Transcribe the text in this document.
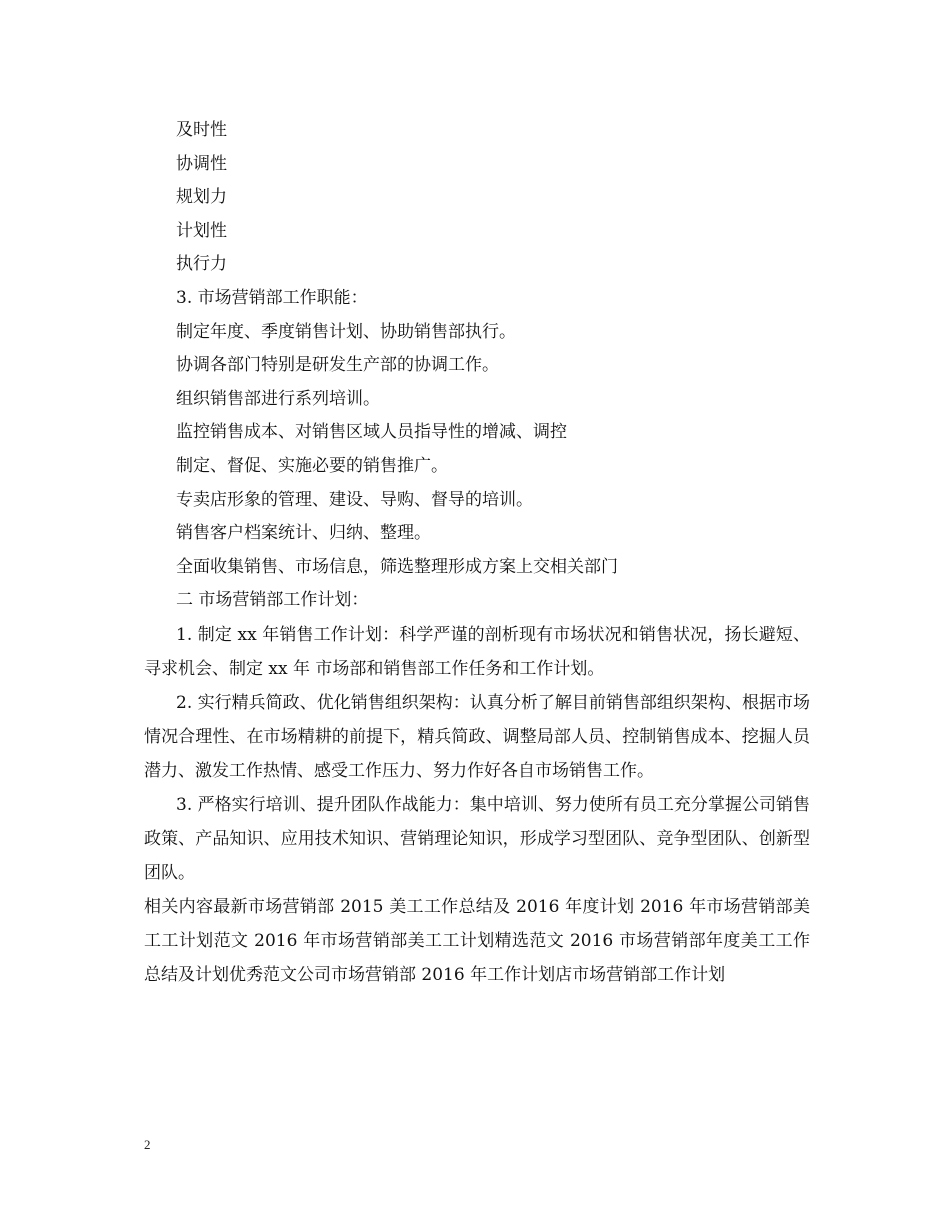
及时性
协调性
规划力
计划性
执行力
3. 市场营销部工作职能：
制定年度、季度销售计划、协助销售部执行。
协调各部门特别是研发生产部的协调工作。
组织销售部进行系列培训。
监控销售成本、对销售区域人员指导性的增减、调控
制定、督促、实施必要的销售推广。
专卖店形象的管理、建设、导购、督导的培训。
销售客户档案统计、归纳、整理。
全面收集销售、市场信息，筛选整理形成方案上交相关部门
二 市场营销部工作计划：

1. 制定 xx 年销售工作计划：科学严谨的剖析现有市场状况和销售状况，扬长避短、寻求机会、制定 xx 年 市场部和销售部工作任务和工作计划。

2. 实行精兵简政、优化销售组织架构：认真分析了解目前销售部组织架构、根据市场情况合理性、在市场精耕的前提下，精兵简政、调整局部人员、控制销售成本、挖掘人员潜力、激发工作热情、感受工作压力、努力作好各自市场销售工作。

3. 严格实行培训、提升团队作战能力：集中培训、努力使所有员工充分掌握公司销售政策、产品知识、应用技术知识、营销理论知识，形成学习型团队、竞争型团队、创新型团队。

相关内容最新市场营销部 2015 美工工作总结及 2016 年度计划 2016 年市场营销部美工工计划范文 2016 年市场营销部美工工计划精选范文 2016 市场营销部年度美工工作总结及计划优秀范文公司市场营销部 2016 年工作计划店市场营销部工作计划

2
